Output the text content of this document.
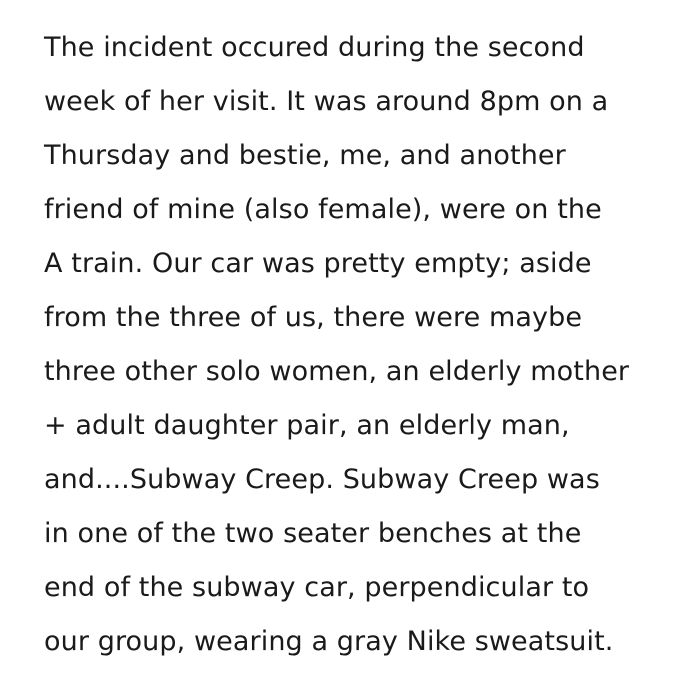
The incident occured during the second
week of her visit. It was around 8pm on a
Thursday and bestie, me, and another
friend of mine (also female), were on the
A train. Our car was pretty empty; aside
from the three of us, there were maybe
three other solo women, an elderly mother
+ adult daughter pair, an elderly man,
and....Subway Creep. Subway Creep was
in one of the two seater benches at the
end of the subway car, perpendicular to
our group, wearing a gray Nike sweatsuit.
